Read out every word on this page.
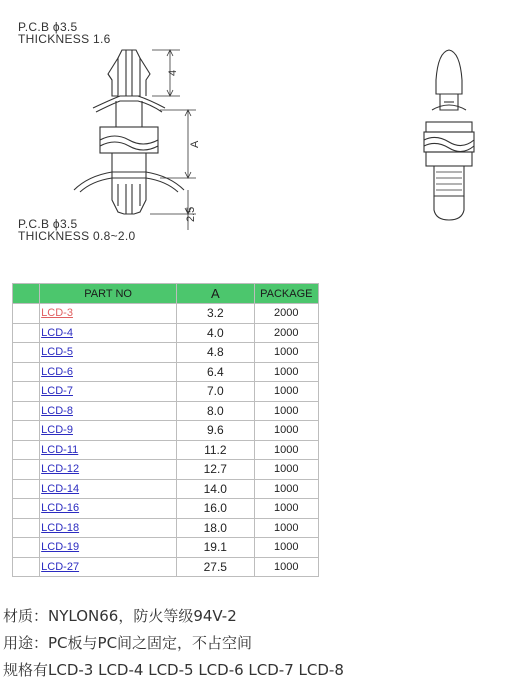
4
A
2.5
P.C.B ϕ3.5
THICKNESS 1.6
P.C.B ϕ3.5
THICKNESS 0.8~2.0
	PART NO	A	PACKAGE
	LCD-3	3.2	2000
	LCD-4	4.0	2000
	LCD-5	4.8	1000
	LCD-6	6.4	1000
	LCD-7	7.0	1000
	LCD-8	8.0	1000
	LCD-9	9.6	1000
	LCD-11	11.2	1000
	LCD-12	12.7	1000
	LCD-14	14.0	1000
	LCD-16	16.0	1000
	LCD-18	18.0	1000
	LCD-19	19.1	1000
	LCD-27	27.5	1000
材质：NYLON66，防火等级94V-2
用途：PC板与PC间之固定，不占空间
规格有LCD-3 LCD-4 LCD-5 LCD-6 LCD-7 LCD-8
